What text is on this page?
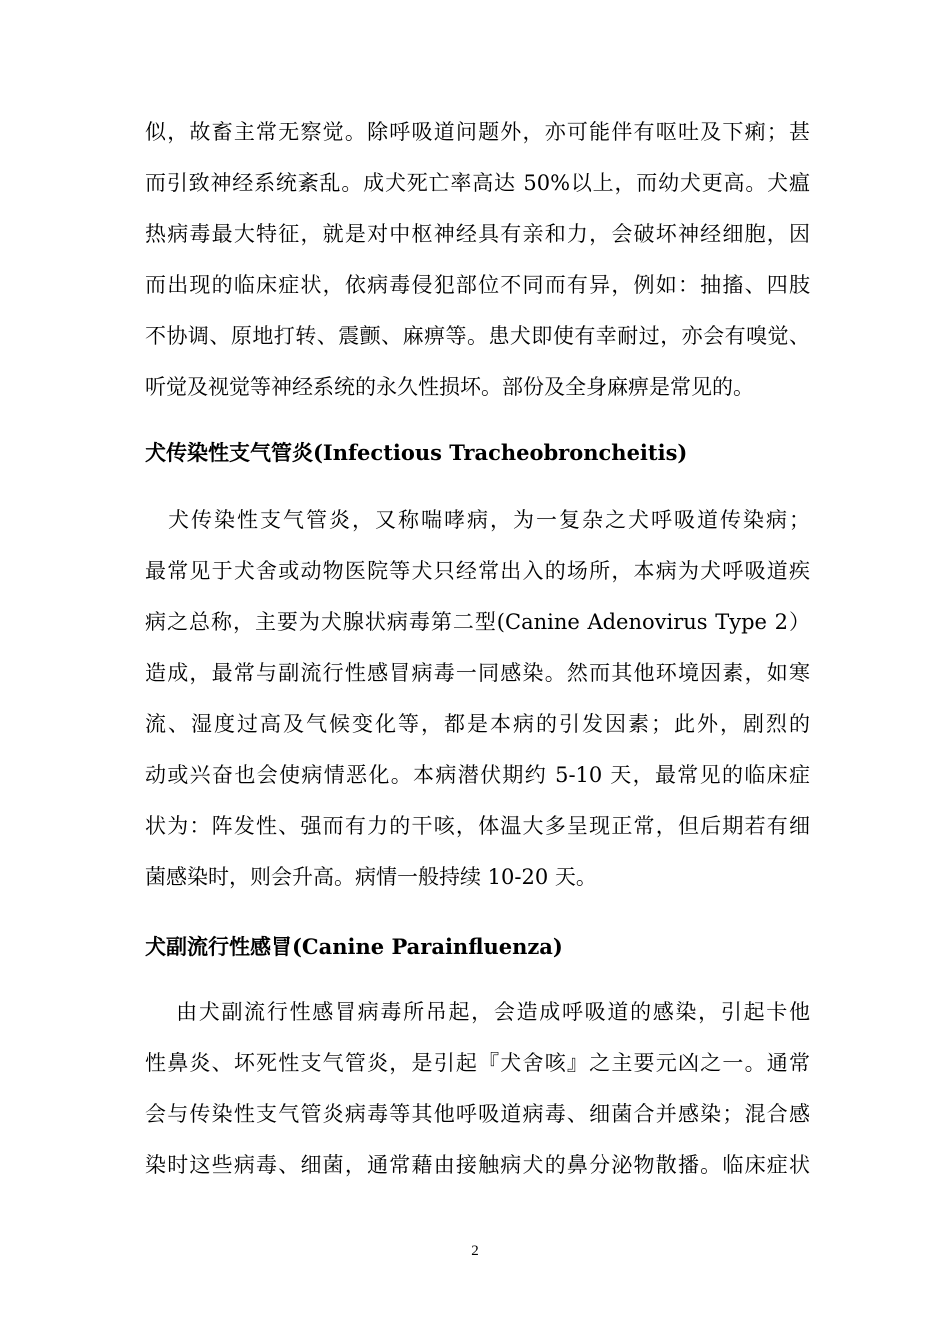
似，故畜主常无察觉。除呼吸道问题外，亦可能伴有呕吐及下痢；甚
而引致神经系统紊乱。成犬死亡率高达 50%以上，而幼犬更高。犬瘟
热病毒最大特征，就是对中枢神经具有亲和力，会破坏神经细胞，因
而出现的临床症状，依病毒侵犯部位不同而有异，例如：抽搐、四肢
不协调、原地打转、震颤、麻痹等。患犬即使有幸耐过，亦会有嗅觉、
听觉及视觉等神经系统的永久性损坏。部份及全身麻痹是常见的。
犬传染性支气管炎(Infectious Tracheobroncheitis)
　犬传染性支气管炎，又称喘哮病，为一复杂之犬呼吸道传染病；
最常见于犬舍或动物医院等犬只经常出入的场所，本病为犬呼吸道疾
病之总称，主要为犬腺状病毒第二型(Canine Adenovirus Type 2）
造成，最常与副流行性感冒病毒一同感染。然而其他环境因素，如寒
流、湿度过高及气候变化等，都是本病的引发因素；此外，剧烈的
动或兴奋也会使病情恶化。本病潜伏期约 5-10 天，最常见的临床症
状为：阵发性、强而有力的干咳，体温大多呈现正常，但后期若有细
菌感染时，则会升高。病情一般持续 10-20 天。
犬副流行性感冒(Canine Parainfluenza)
　 由犬副流行性感冒病毒所吊起，会造成呼吸道的感染，引起卡他
性鼻炎、坏死性支气管炎，是引起『犬舍咳』之主要元凶之一。通常
会与传染性支气管炎病毒等其他呼吸道病毒、细菌合并感染；混合感
染时这些病毒、细菌，通常藉由接触病犬的鼻分泌物散播。临床症状
2
